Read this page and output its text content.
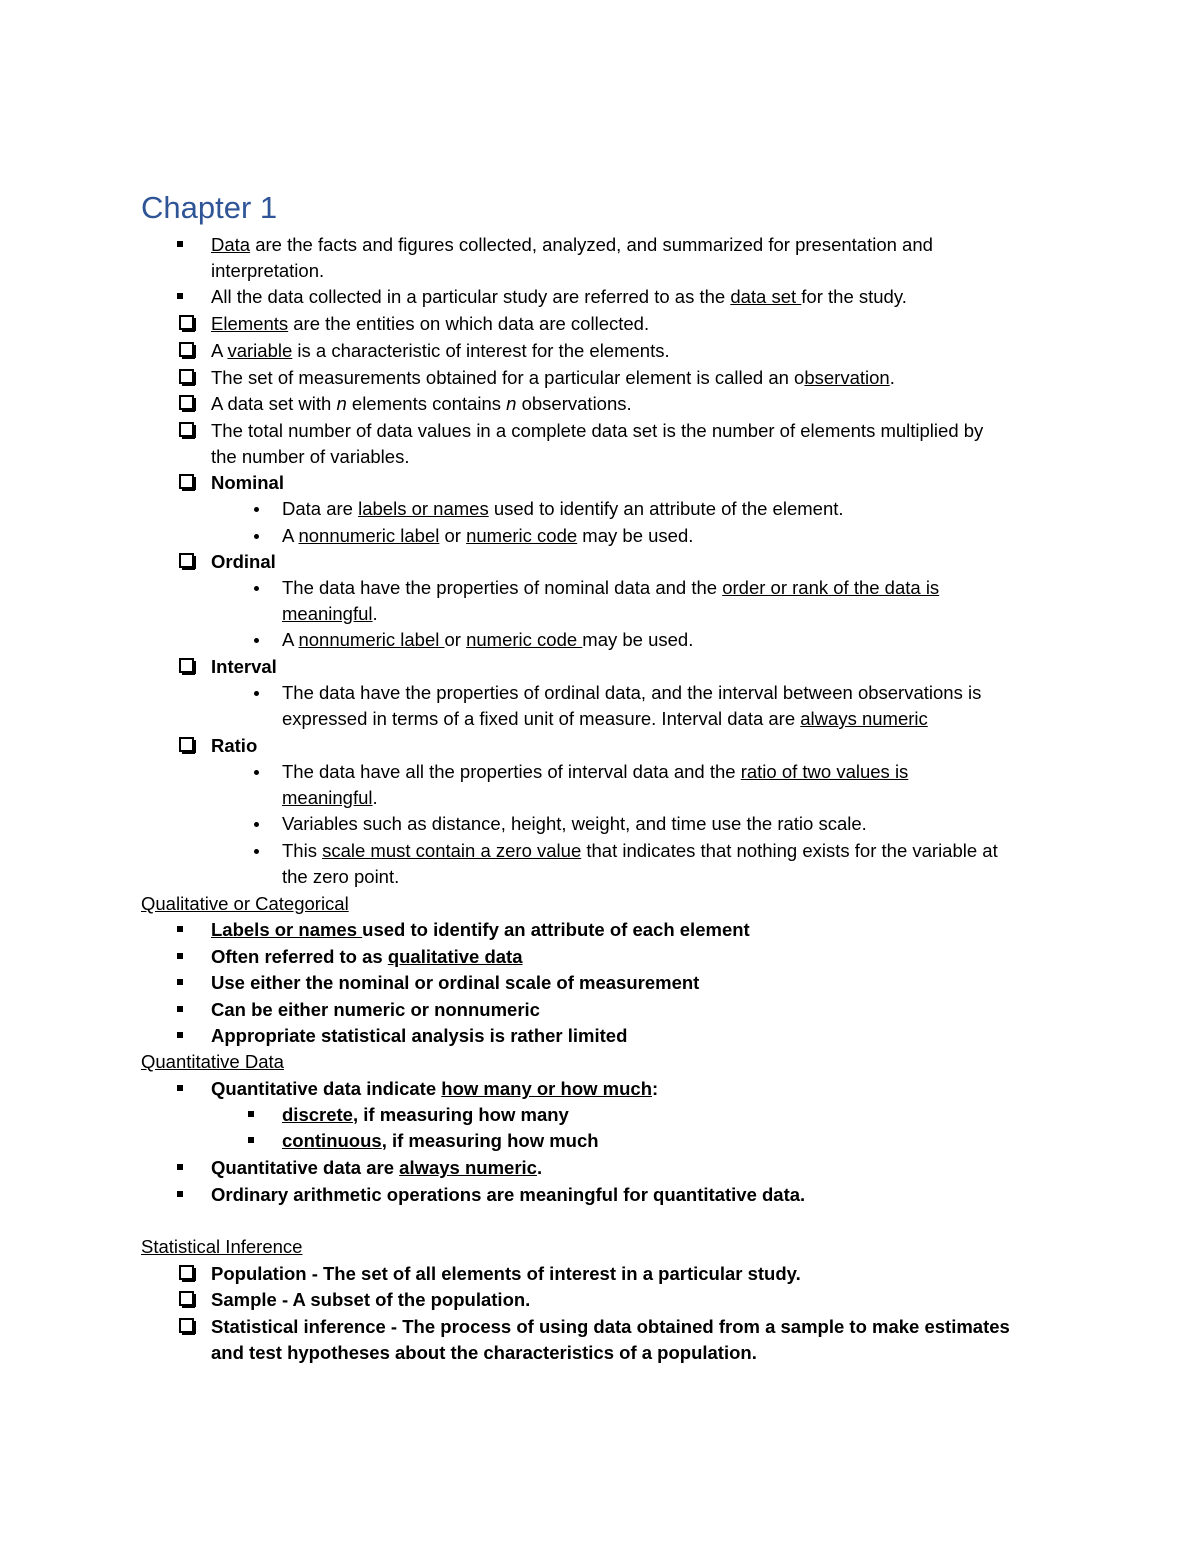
Chapter 1
Data are the facts and figures collected, analyzed, and summarized for presentation and
interpretation.
All the data collected in a particular study are referred to as the data set for the study.
Elements are the entities on which data are collected.
A variable is a characteristic of interest for the elements.
The set of measurements obtained for a particular element is called an observation.
A data set with n elements contains n observations.
The total number of data values in a complete data set is the number of elements multiplied by
the number of variables.
Nominal
Data are labels or names used to identify an attribute of the element.
A nonnumeric label or numeric code may be used.
Ordinal
The data have the properties of nominal data and the order or rank of the data is
meaningful.
A nonnumeric label or numeric code may be used.
Interval
The data have the properties of ordinal data, and the interval between observations is
expressed in terms of a fixed unit of measure. Interval data are always numeric
Ratio
The data have all the properties of interval data and the ratio of two values is
meaningful.
Variables such as distance, height, weight, and time use the ratio scale.
This scale must contain a zero value that indicates that nothing exists for the variable at
the zero point.
Qualitative or Categorical
Labels or names used to identify an attribute of each element
Often referred to as qualitative data
Use either the nominal or ordinal scale of measurement
Can be either numeric or nonnumeric
Appropriate statistical analysis is rather limited
Quantitative Data
Quantitative data indicate how many or how much:
discrete, if measuring how many
continuous, if measuring how much
Quantitative data are always numeric.
Ordinary arithmetic operations are meaningful for quantitative data.
Statistical Inference
Population - The set of all elements of interest in a particular study.
Sample - A subset of the population.
Statistical inference - The process of using data obtained from a sample to make estimates
and test hypotheses about the characteristics of a population.
